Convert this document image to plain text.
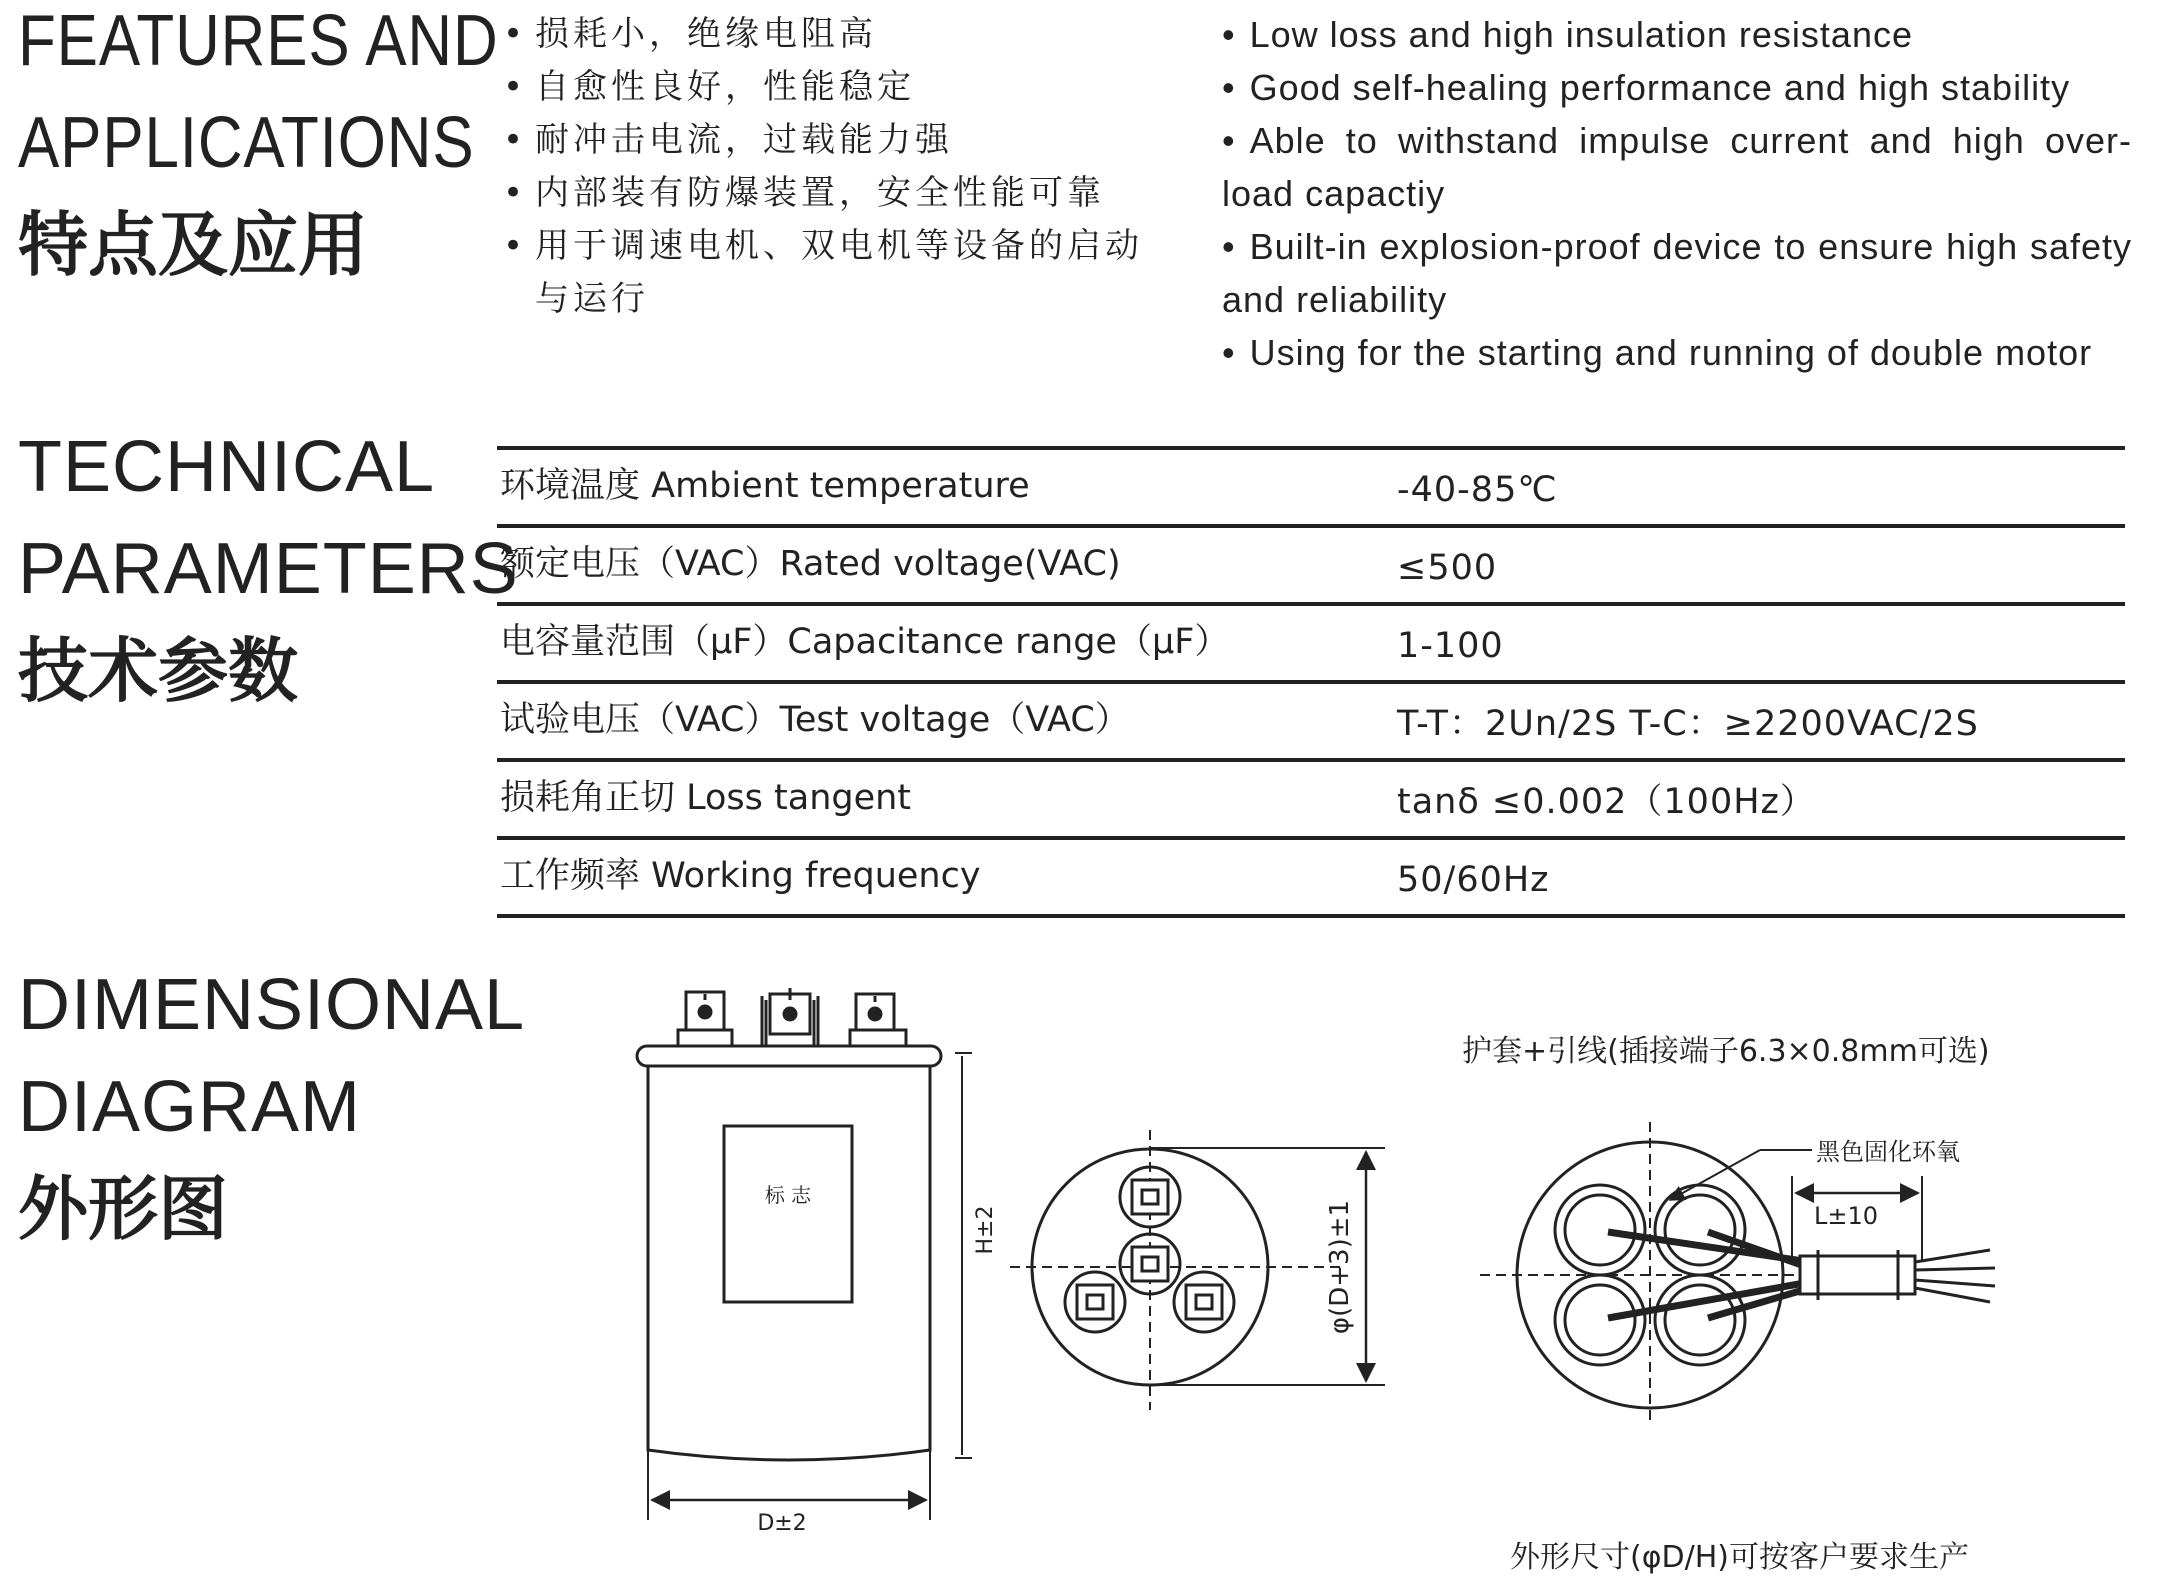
FEATURES AND
APPLICATIONS
特点及应用
• 损耗小，绝缘电阻高
• 自愈性良好，性能稳定
• 耐冲击电流，过载能力强
• 内部装有防爆装置，安全性能可靠
• 用于调速电机、双电机等设备的启动与运行
• Low loss and high insulation resistance
• Good self-healing performance and high stability
• Able to withstand impulse current and high over-load capactiy
• Built-in explosion-proof device to ensure high safety and reliability
• Using for the starting and running of double motor
TECHNICAL
PARAMETERS
技术参数
环境温度 Ambient temperature	-40-85℃
额定电压（VAC）Rated voltage(VAC)	≤500
电容量范围（μF）Capacitance range（μF）	1-100
试验电压（VAC）Test voltage（VAC）	T-T：2Un/2S T-C：≥2200VAC/2S
损耗角正切 Loss tangent	tanδ ≤0.002（100Hz）
工作频率 Working frequency	50/60Hz
DIMENSIONAL
DIAGRAM
外形图	标 志
H±2
D±2
φ(D+3)±1
护套+引线(插接端子6.3×0.8mm可选)
黑色固化环氧
L±10
外形尺寸(φD/H)可按客户要求生产
